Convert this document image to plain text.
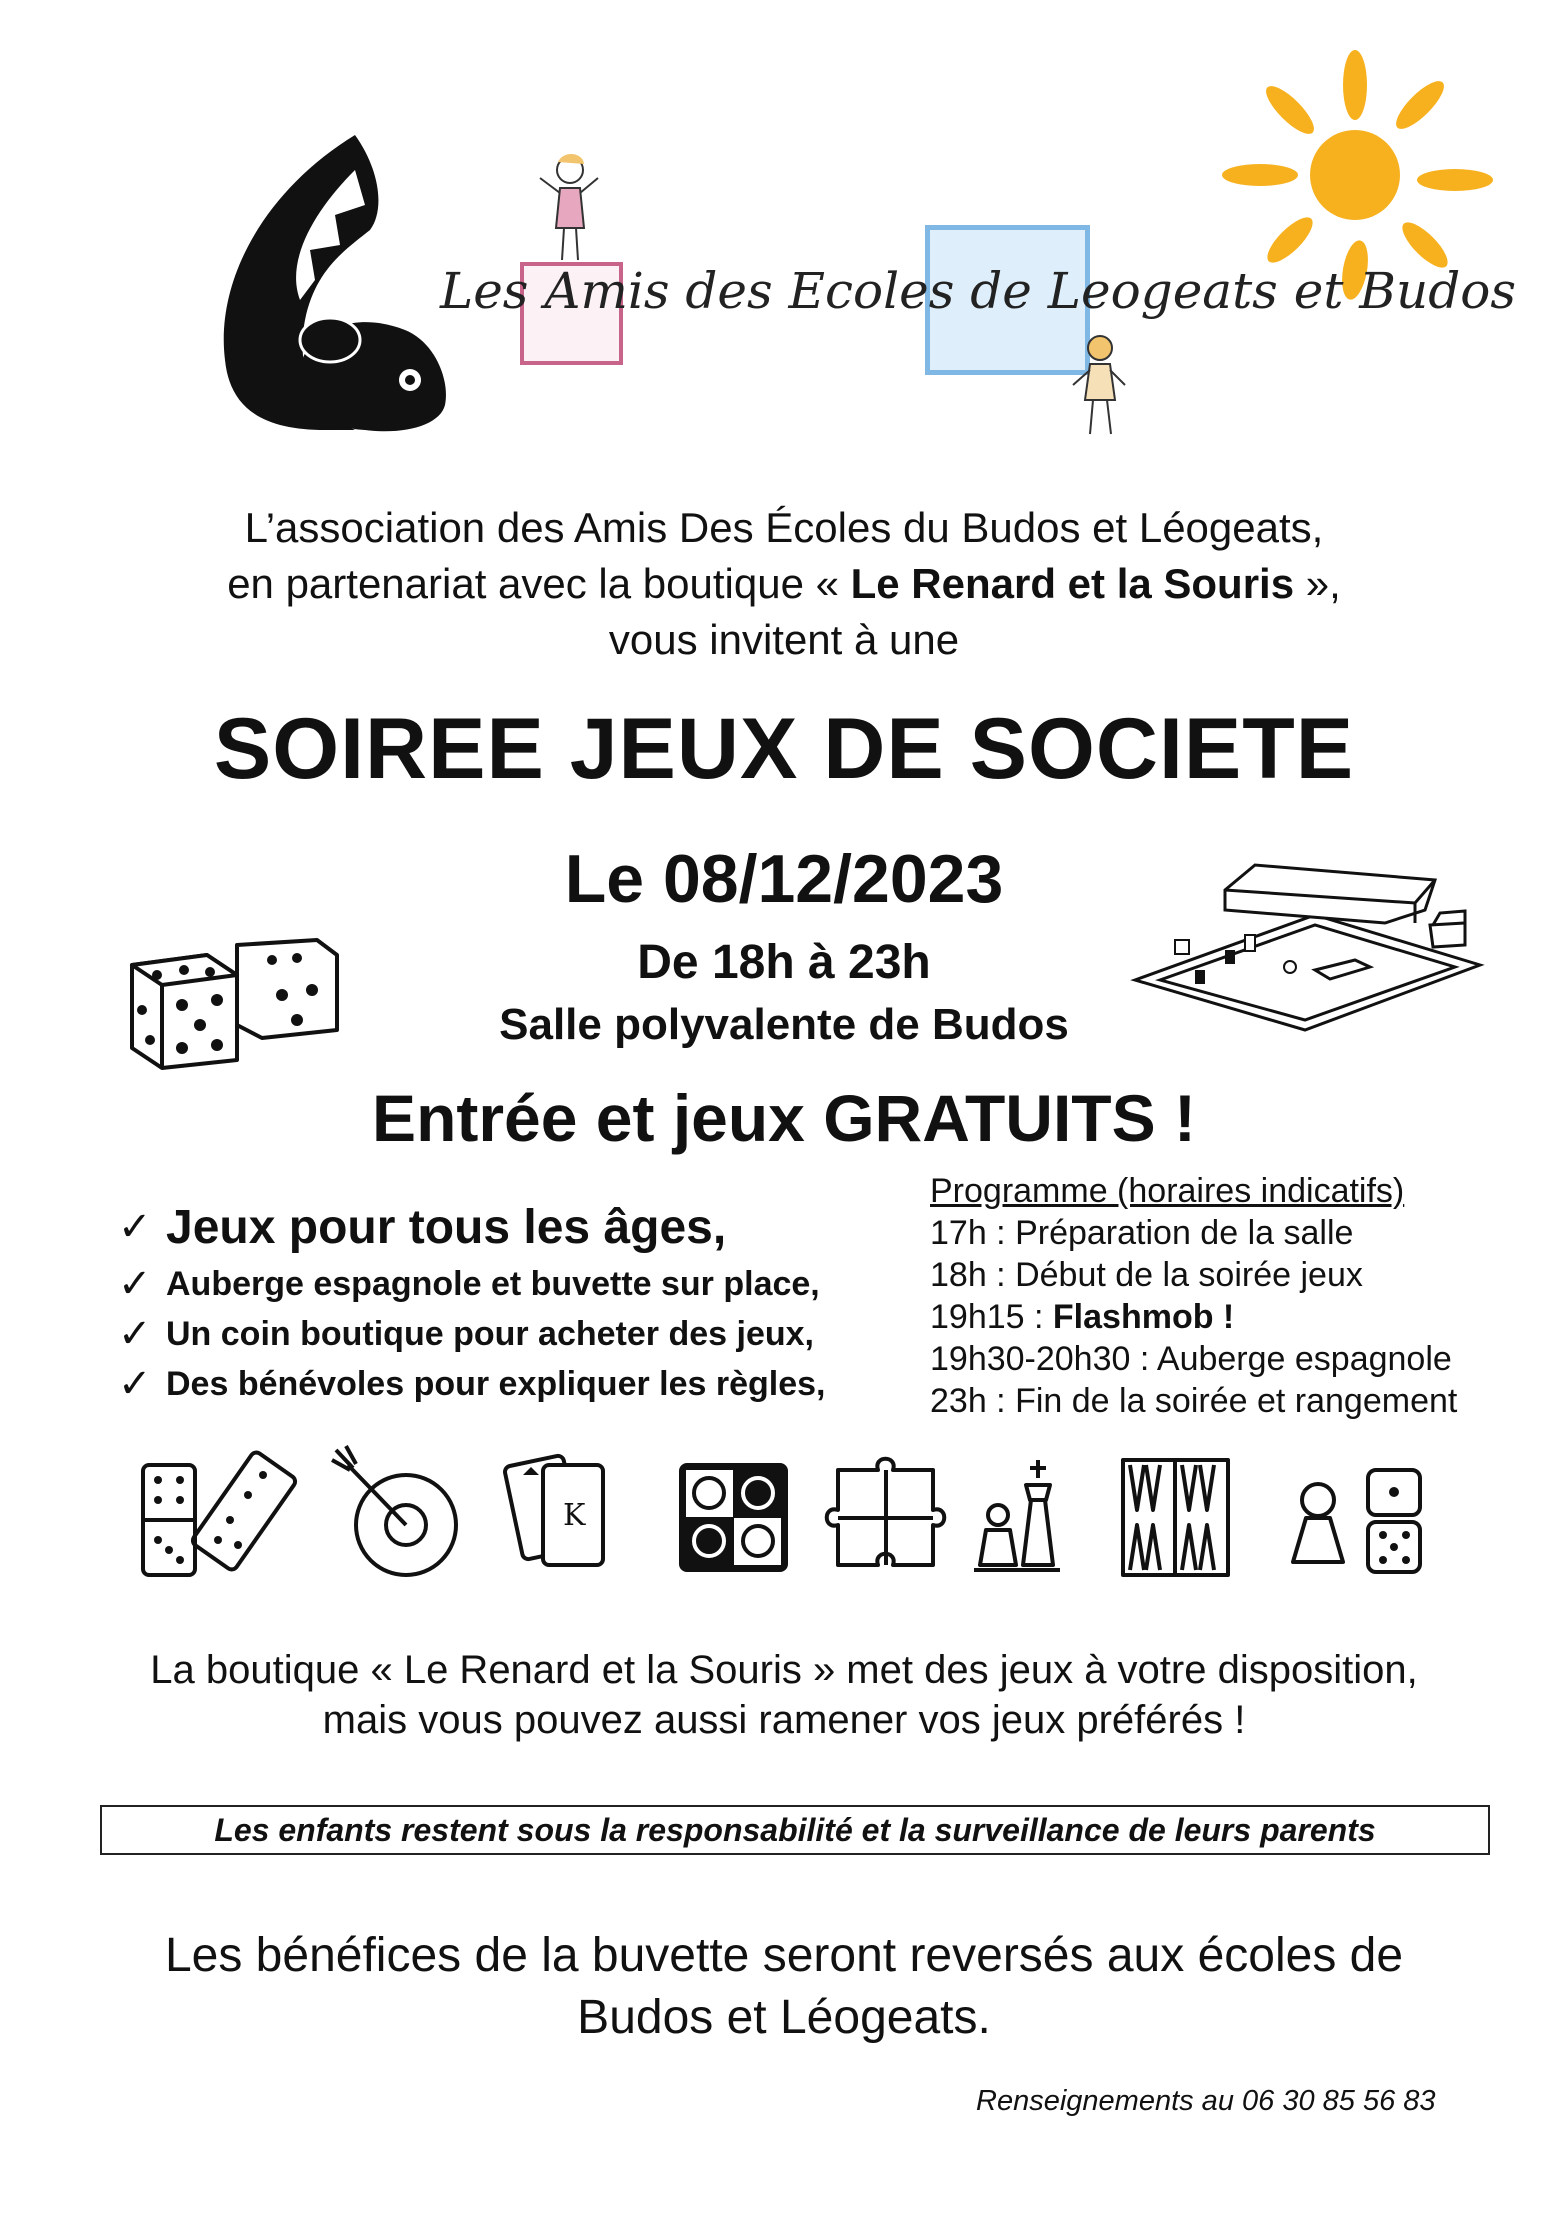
Les Amis des Ecoles de Leogeats et Budos
L’association des Amis Des Écoles du Budos et Léogeats,
en partenariat avec la boutique « Le Renard et la Souris »,
vous invitent à une
SOIREE JEUX DE SOCIETE
Le 08/12/2023
De 18h à 23h
Salle polyvalente de Budos
Entrée et jeux GRATUITS !
✓ Jeux pour tous les âges,
✓ Auberge espagnole et buvette sur place,
✓ Un coin boutique pour acheter des jeux,
✓ Des bénévoles pour expliquer les règles,
Programme (horaires indicatifs)
17h : Préparation de la salle
18h : Début de la soirée jeux
19h15 : Flashmob !
19h30-20h30 : Auberge espagnole
23h : Fin de la soirée et rangement
K
La boutique « Le Renard et la Souris » met des jeux à votre disposition,
mais vous pouvez aussi ramener vos jeux préférés !
Les enfants restent sous la responsabilité et la surveillance de leurs parents
Les bénéfices de la buvette seront reversés aux écoles de
Budos et Léogeats.
Renseignements au 06 30 85 56 83
